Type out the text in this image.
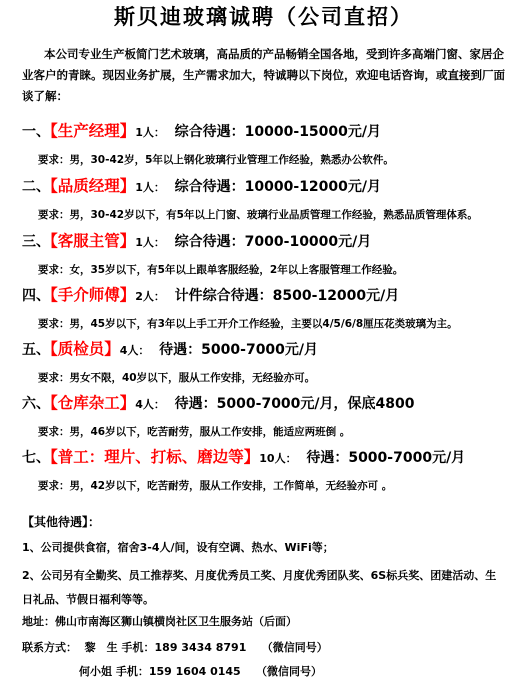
斯贝迪玻璃诚聘（公司直招）
本公司专业生产板简门艺术玻璃，高品质的产品畅销全国各地，受到许多高端门窗、家居企业客户的青睐。现因业务扩展，生产需求加大，特诚聘以下岗位，欢迎电话咨询，或直接到厂面谈了解：
一、【生产经理】1人： 综合待遇：10000-15000元/月
要求：男，30-42岁，5年以上钢化玻璃行业管理工作经验，熟悉办公软件。
二、【品质经理】1人： 综合待遇：10000-12000元/月
要求：男，30-42岁以下，有5年以上门窗、玻璃行业品质管理工作经验，熟悉品质管理体系。
三、【客服主管】1人： 综合待遇：7000-10000元/月
要求：女，35岁以下，有5年以上跟单客服经验，2年以上客服管理工作经验。
四、【手介师傅】2人： 计件综合待遇：8500-12000元/月
要求：男，45岁以下，有3年以上手工开介工作经验，主要以4/5/6/8厘压花类玻璃为主。
五、【质检员】4人： 待遇：5000-7000元/月
要求：男女不限，40岁以下，服从工作安排，无经验亦可。
六、【仓库杂工】4人： 待遇：5000-7000元/月，保底4800
要求：男，46岁以下，吃苦耐劳，服从工作安排，能适应两班倒 。
七、【普工：理片、打标、磨边等】10人： 待遇：5000-7000元/月
要求：男，42岁以下，吃苦耐劳，服从工作安排，工作简单，无经验亦可 。
【其他待遇】：
1、公司提供食宿，宿舍3-4人/间，设有空调、热水、WiFi等；
2、公司另有全勤奖、员工推荐奖、月度优秀员工奖、月度优秀团队奖、6S标兵奖、团建活动、生日礼品、节假日福利等等。
地址：佛山市南海区狮山镇横岗社区卫生服务站（后面）
联系方式： 黎　生 手机：189 3434 8791 （微信同号）
何小姐 手机：159 1604 0145 （微信同号）
